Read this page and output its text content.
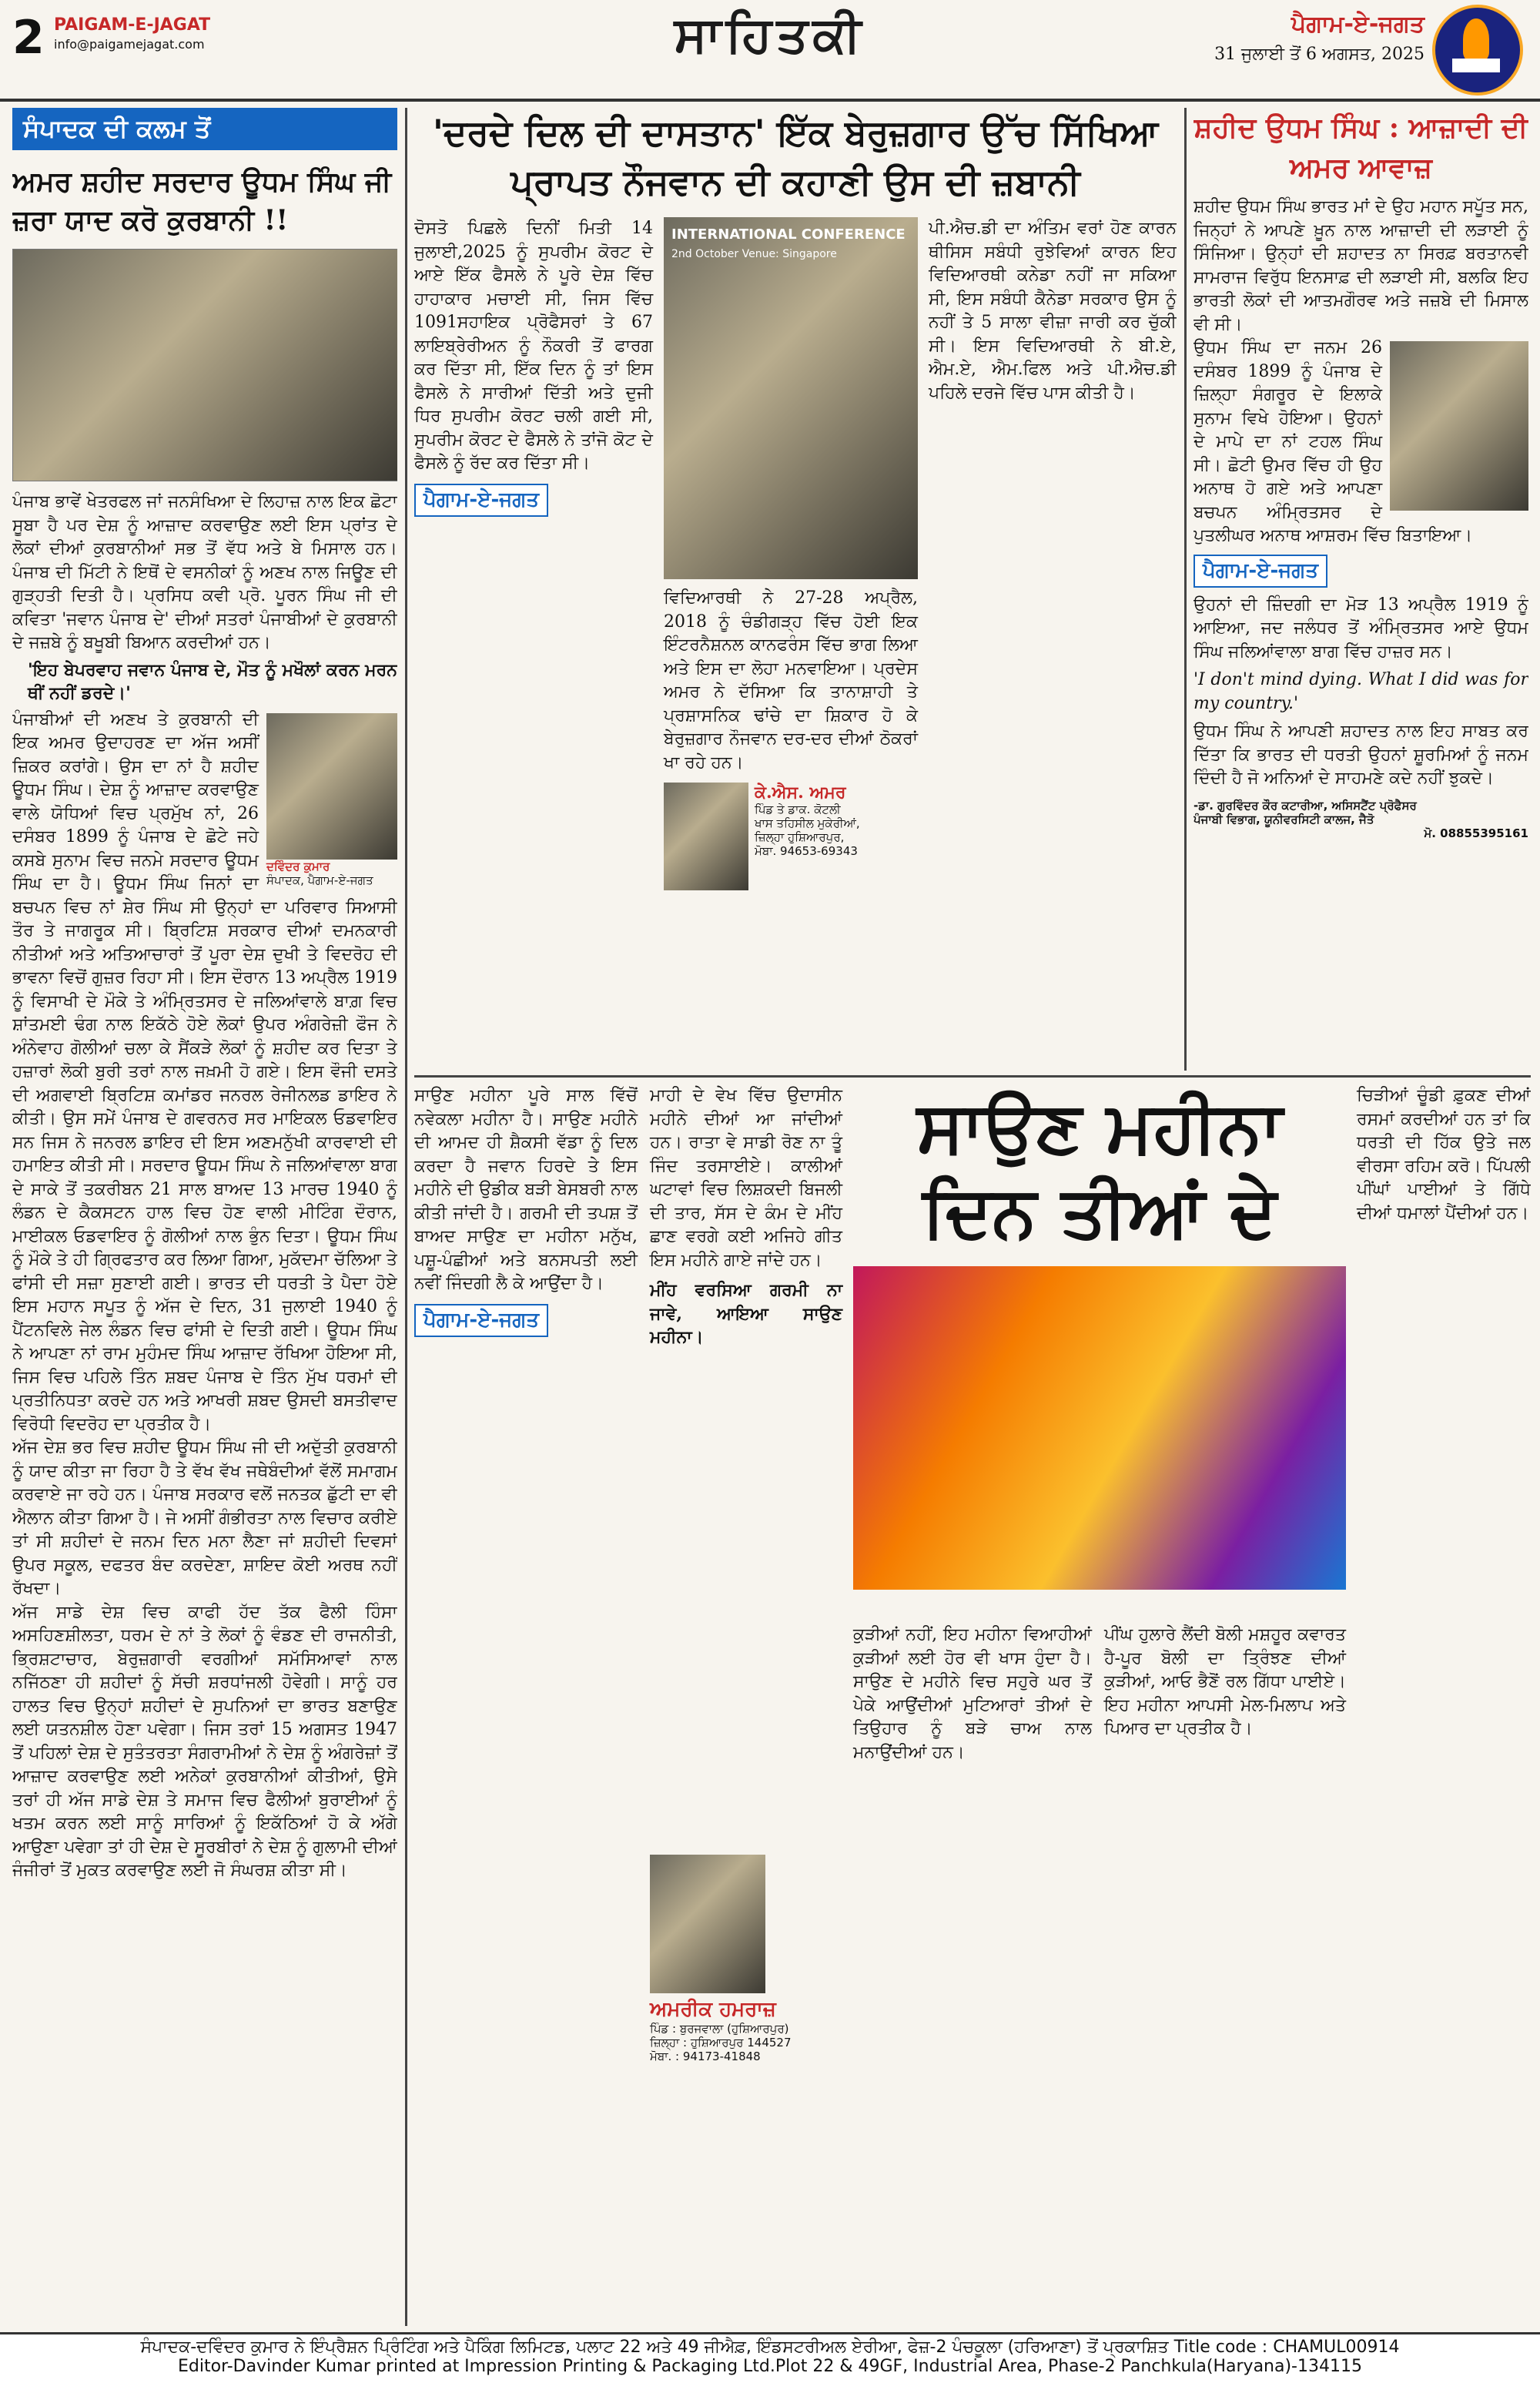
2 PAIGAM-E-JAGAT
info@paigamejagat.com	ਸਾਹਿਤਕੀ	ਪੈਗਾਮ-ਏ-ਜਗਤ
31 ਜੁਲਾਈ ਤੋਂ 6 ਅਗਸਤ, 2025
ਸੰਪਾਦਕ ਦੀ ਕਲਮ ਤੋਂ
ਅਮਰ ਸ਼ਹੀਦ ਸਰਦਾਰ ਊਧਮ ਸਿੰਘ ਜੀ ਜ਼ਰਾ ਯਾਦ ਕਰੋ ਕੁਰਬਾਨੀ !!
ਪੰਜਾਬ ਭਾਵੇਂ ਖੇਤਰਫਲ ਜਾਂ ਜਨਸੰਖਿਆ ਦੇ ਲਿਹਾਜ਼ ਨਾਲ ਇਕ ਛੋਟਾ ਸੂਬਾ ਹੈ ਪਰ ਦੇਸ਼ ਨੂੰ ਆਜ਼ਾਦ ਕਰਵਾਉਣ ਲਈ ਇਸ ਪ੍ਰਾਂਤ ਦੇ ਲੋਕਾਂ ਦੀਆਂ ਕੁਰਬਾਨੀਆਂ ਸਭ ਤੋਂ ਵੱਧ ਅਤੇ ਬੇ ਮਿਸਾਲ ਹਨ। ਪੰਜਾਬ ਦੀ ਮਿੱਟੀ ਨੇ ਇਥੋਂ ਦੇ ਵਸਨੀਕਾਂ ਨੂੰ ਅਣਖ ਨਾਲ ਜਿਊਣ ਦੀ ਗੁੜ੍ਹਤੀ ਦਿਤੀ ਹੈ। ਪ੍ਰਸਿਧ ਕਵੀ ਪ੍ਰੋ. ਪੂਰਨ ਸਿੰਘ ਜੀ ਦੀ ਕਵਿਤਾ 'ਜਵਾਨ ਪੰਜਾਬ ਦੇ' ਦੀਆਂ ਸਤਰਾਂ ਪੰਜਾਬੀਆਂ ਦੇ ਕੁਰਬਾਨੀ ਦੇ ਜਜ਼ਬੇ ਨੂੰ ਬਖੂਬੀ ਬਿਆਨ ਕਰਦੀਆਂ ਹਨ।
'ਇਹ ਬੇਪਰਵਾਹ ਜਵਾਨ ਪੰਜਾਬ ਦੇ, ਮੌਤ ਨੂੰ ਮਖੌਲਾਂ ਕਰਨ ਮਰਨ ਥੀਂ ਨਹੀਂ ਡਰਦੇ।'
ਦਵਿੰਦਰ ਕੁਮਾਰ
ਸੰਪਾਦਕ, ਪੈਗਾਮ-ਏ-ਜਗਤ
ਪੰਜਾਬੀਆਂ ਦੀ ਅਣਖ ਤੇ ਕੁਰਬਾਨੀ ਦੀ ਇਕ ਅਮਰ ਉਦਾਹਰਣ ਦਾ ਅੱਜ ਅਸੀਂ ਜ਼ਿਕਰ ਕਰਾਂਗੇ। ਉਸ ਦਾ ਨਾਂ ਹੈ ਸ਼ਹੀਦ ਊਧਮ ਸਿੰਘ। ਦੇਸ਼ ਨੂੰ ਆਜ਼ਾਦ ਕਰਵਾਉਣ ਵਾਲੇ ਯੋਧਿਆਂ ਵਿਚ ਪ੍ਰਮੁੱਖ ਨਾਂ, 26 ਦਸੰਬਰ 1899 ਨੂੰ ਪੰਜਾਬ ਦੇ ਛੋਟੇ ਜਹੇ ਕਸਬੇ ਸੁਨਾਮ ਵਿਚ ਜਨਮੇ ਸਰਦਾਰ ਊਧਮ ਸਿੰਘ ਦਾ ਹੈ। ਊਧਮ ਸਿੰਘ ਜਿਨਾਂ ਦਾ ਬਚਪਨ ਵਿਚ ਨਾਂ ਸ਼ੇਰ ਸਿੰਘ ਸੀ ਉਨ੍ਹਾਂ ਦਾ ਪਰਿਵਾਰ ਸਿਆਸੀ ਤੌਰ ਤੇ ਜਾਗਰੂਕ ਸੀ। ਬ੍ਰਿਟਿਸ਼ ਸਰਕਾਰ ਦੀਆਂ ਦਮਨਕਾਰੀ ਨੀਤੀਆਂ ਅਤੇ ਅਤਿਆਚਾਰਾਂ ਤੋਂ ਪੂਰਾ ਦੇਸ਼ ਦੁਖੀ ਤੇ ਵਿਦਰੋਹ ਦੀ ਭਾਵਨਾ ਵਿਚੋਂ ਗੁਜ਼ਰ ਰਿਹਾ ਸੀ। ਇਸ ਦੌਰਾਨ 13 ਅਪ੍ਰੈਲ 1919 ਨੂੰ ਵਿਸਾਖੀ ਦੇ ਮੌਕੇ ਤੇ ਅੰਮ੍ਰਿਤਸਰ ਦੇ ਜਲਿਆਂਵਾਲੇ ਬਾਗ਼ ਵਿਚ ਸ਼ਾਂਤਮਈ ਢੰਗ ਨਾਲ ਇਕੱਠੇ ਹੋਏ ਲੋਕਾਂ ਉਪਰ ਅੰਗਰੇਜ਼ੀ ਫੌਜ ਨੇ ਅੰਨੇਵਾਹ ਗੋਲੀਆਂ ਚਲਾ ਕੇ ਸੈਂਕੜੇ ਲੋਕਾਂ ਨੂੰ ਸ਼ਹੀਦ ਕਰ ਦਿਤਾ ਤੇ ਹਜ਼ਾਰਾਂ ਲੋਕੀ ਬੁਰੀ ਤਰਾਂ ਨਾਲ ਜਖ਼ਮੀ ਹੋ ਗਏ। ਇਸ ਵੌਜੀ ਦਸਤੇ ਦੀ ਅਗਵਾਈ ਬ੍ਰਿਟਿਸ਼ ਕਮਾਂਡਰ ਜਨਰਲ ਰੇਜੀਨਲਡ ਡਾਇਰ ਨੇ ਕੀਤੀ। ਉਸ ਸਮੇਂ ਪੰਜਾਬ ਦੇ ਗਵਰਨਰ ਸਰ ਮਾਇਕਲ ਓਡਵਾਇਰ ਸਨ ਜਿਸ ਨੇ ਜਨਰਲ ਡਾਇਰ ਦੀ ਇਸ ਅਣਮਨੁੱਖੀ ਕਾਰਵਾਈ ਦੀ ਹਮਾਇਤ ਕੀਤੀ ਸੀ। ਸਰਦਾਰ ਊਧਮ ਸਿੰਘ ਨੇ ਜਲਿਆਂਵਾਲਾ ਬਾਗ ਦੇ ਸਾਕੇ ਤੋਂ ਤਕਰੀਬਨ 21 ਸਾਲ ਬਾਅਦ 13 ਮਾਰਚ 1940 ਨੂੰ ਲੰਡਨ ਦੇ ਕੈਕਸਟਨ ਹਾਲ ਵਿਚ ਹੋਣ ਵਾਲੀ ਮੀਟਿੰਗ ਦੌਰਾਨ, ਮਾਈਕਲ ਓਡਵਾਇਰ ਨੂੰ ਗੋਲੀਆਂ ਨਾਲ ਭੁੰਨ ਦਿਤਾ। ਊਧਮ ਸਿੰਘ ਨੂੰ ਮੌਕੇ ਤੇ ਹੀ ਗ੍ਰਿਫਤਾਰ ਕਰ ਲਿਆ ਗਿਆ, ਮੁਕੱਦਮਾ ਚੱਲਿਆ ਤੇ ਫਾਂਸੀ ਦੀ ਸਜ਼ਾ ਸੁਣਾਈ ਗਈ। ਭਾਰਤ ਦੀ ਧਰਤੀ ਤੇ ਪੈਦਾ ਹੋਏ ਇਸ ਮਹਾਨ ਸਪੂਤ ਨੂੰ ਅੱਜ ਦੇ ਦਿਨ, 31 ਜੁਲਾਈ 1940 ਨੂੰ ਪੈਂਟਨਵਿਲੇ ਜੇਲ ਲੰਡਨ ਵਿਚ ਫਾਂਸੀ ਦੇ ਦਿਤੀ ਗਈ। ਊਧਮ ਸਿੰਘ ਨੇ ਆਪਣਾ ਨਾਂ ਰਾਮ ਮੁਹੰਮਦ ਸਿੰਘ ਆਜ਼ਾਦ ਰੱਖਿਆ ਹੋਇਆ ਸੀ, ਜਿਸ ਵਿਚ ਪਹਿਲੇ ਤਿੰਨ ਸ਼ਬਦ ਪੰਜਾਬ ਦੇ ਤਿੰਨ ਮੁੱਖ ਧਰਮਾਂ ਦੀ ਪ੍ਰਤੀਨਿਧਤਾ ਕਰਦੇ ਹਨ ਅਤੇ ਆਖਰੀ ਸ਼ਬਦ ਉਸਦੀ ਬਸਤੀਵਾਦ ਵਿਰੋਧੀ ਵਿਦਰੋਹ ਦਾ ਪ੍ਰਤੀਕ ਹੈ।
ਅੱਜ ਦੇਸ਼ ਭਰ ਵਿਚ ਸ਼ਹੀਦ ਊਧਮ ਸਿੰਘ ਜੀ ਦੀ ਅਦੁੱਤੀ ਕੁਰਬਾਨੀ ਨੂੰ ਯਾਦ ਕੀਤਾ ਜਾ ਰਿਹਾ ਹੈ ਤੇ ਵੱਖ ਵੱਖ ਜਥੇਬੰਦੀਆਂ ਵੱਲੋਂ ਸਮਾਗਮ ਕਰਵਾਏ ਜਾ ਰਹੇ ਹਨ। ਪੰਜਾਬ ਸਰਕਾਰ ਵਲੋਂ ਜਨਤਕ ਛੁੱਟੀ ਦਾ ਵੀ ਐਲਾਨ ਕੀਤਾ ਗਿਆ ਹੈ। ਜੇ ਅਸੀਂ ਗੰਭੀਰਤਾ ਨਾਲ ਵਿਚਾਰ ਕਰੀਏ ਤਾਂ ਸੀ ਸ਼ਹੀਦਾਂ ਦੇ ਜਨਮ ਦਿਨ ਮਨਾ ਲੈਣਾ ਜਾਂ ਸ਼ਹੀਦੀ ਦਿਵਸਾਂ ਉਪਰ ਸਕੂਲ, ਦਫਤਰ ਬੰਦ ਕਰਦੇਣਾ, ਸ਼ਾਇਦ ਕੋਈ ਅਰਥ ਨਹੀਂ ਰੱਖਦਾ।
ਅੱਜ ਸਾਡੇ ਦੇਸ਼ ਵਿਚ ਕਾਫੀ ਹੱਦ ਤੱਕ ਫੈਲੀ ਹਿੰਸਾ ਅਸਹਿਣਸ਼ੀਲਤਾ, ਧਰਮ ਦੇ ਨਾਂ ਤੇ ਲੋਕਾਂ ਨੂੰ ਵੰਡਣ ਦੀ ਰਾਜਨੀਤੀ, ਭ੍ਰਿਸ਼ਟਾਚਾਰ, ਬੇਰੁਜ਼ਗਾਰੀ ਵਰਗੀਆਂ ਸਮੱਸਿਆਵਾਂ ਨਾਲ ਨਜਿੱਠਣਾ ਹੀ ਸ਼ਹੀਦਾਂ ਨੂੰ ਸੱਚੀ ਸ਼ਰਧਾਂਜਲੀ ਹੋਵੇਗੀ। ਸਾਨੂੰ ਹਰ ਹਾਲਤ ਵਿਚ ਉਨ੍ਹਾਂ ਸ਼ਹੀਦਾਂ ਦੇ ਸੁਪਨਿਆਂ ਦਾ ਭਾਰਤ ਬਣਾਉਣ ਲਈ ਯਤਨਸ਼ੀਲ ਹੋਣਾ ਪਵੇਗਾ। ਜਿਸ ਤਰਾਂ 15 ਅਗਸਤ 1947 ਤੋਂ ਪਹਿਲਾਂ ਦੇਸ਼ ਦੇ ਸੁਤੰਤਰਤਾ ਸੰਗਰਾਮੀਆਂ ਨੇ ਦੇਸ਼ ਨੂੰ ਅੰਗਰੇਜ਼ਾਂ ਤੋਂ ਆਜ਼ਾਦ ਕਰਵਾਉਣ ਲਈ ਅਨੇਕਾਂ ਕੁਰਬਾਨੀਆਂ ਕੀਤੀਆਂ, ਉਸੇ ਤਰਾਂ ਹੀ ਅੱਜ ਸਾਡੇ ਦੇਸ਼ ਤੇ ਸਮਾਜ ਵਿਚ ਫੈਲੀਆਂ ਬੁਰਾਈਆਂ ਨੂੰ ਖਤਮ ਕਰਨ ਲਈ ਸਾਨੂੰ ਸਾਰਿਆਂ ਨੂੰ ਇਕੱਠਿਆਂ ਹੋ ਕੇ ਅੱਗੇ ਆਉਣਾ ਪਵੇਗਾ ਤਾਂ ਹੀ ਦੇਸ਼ ਦੇ ਸੂਰਬੀਰਾਂ ਨੇ ਦੇਸ਼ ਨੂੰ ਗੁਲਾਮੀ ਦੀਆਂ ਜੰਜੀਰਾਂ ਤੋਂ ਮੁਕਤ ਕਰਵਾਉਣ ਲਈ ਜੋ ਸੰਘਰਸ਼ ਕੀਤਾ ਸੀ।
'ਦਰਦੇ ਦਿਲ ਦੀ ਦਾਸਤਾਨ' ਇੱਕ ਬੇਰੁਜ਼ਗਾਰ ਉੱਚ ਸਿੱਖਿਆ ਪ੍ਰਾਪਤ ਨੌਜਵਾਨ ਦੀ ਕਹਾਣੀ ਉਸ ਦੀ ਜ਼ਬਾਨੀ
ਦੋਸਤੋ ਪਿਛਲੇ ਦਿਨੀਂ ਮਿਤੀ 14 ਜੁਲਾਈ,2025 ਨੂੰ ਸੁਪਰੀਮ ਕੋਰਟ ਦੇ ਆਏ ਇੱਕ ਫੈਸਲੇ ਨੇ ਪੂਰੇ ਦੇਸ਼ ਵਿੱਚ ਹਾਹਾਕਾਰ ਮਚਾਈ ਸੀ, ਜਿਸ ਵਿੱਚ 1091ਸਹਾਇਕ ਪ੍ਰੋਫੈਸਰਾਂ ਤੇ 67 ਲਾਇਬ੍ਰੇਰੀਅਨ ਨੂੰ ਨੌਕਰੀ ਤੋਂ ਫਾਰਗ ਕਰ ਦਿੱਤਾ ਸੀ, ਇੱਕ ਦਿਨ ਨੂੰ ਤਾਂ ਇਸ ਫੈਸਲੇ ਨੇ ਸਾਰੀਆਂ ਦਿੱਤੀ ਅਤੇ ਦੁਜੀ ਧਿਰ ਸੁਪਰੀਮ ਕੋਰਟ ਚਲੀ ਗਈ ਸੀ, ਸੁਪਰੀਮ ਕੋਰਟ ਦੇ ਫੈਸਲੇ ਨੇ ਤਾਂਜੋ ਕੋਟ ਦੇ ਫੈਸਲੇ ਨੂੰ ਰੱਦ ਕਰ ਦਿੱਤਾ ਸੀ।
ਪੈਗਾਮ-ਏ-ਜਗਤ
INTERNATIONAL CONFERENCE
2nd October Venue: Singapore
ਵਿਦਿਆਰਥੀ ਨੇ 27-28 ਅਪ੍ਰੈਲ, 2018 ਨੂੰ ਚੰਡੀਗੜ੍ਹ ਵਿੱਚ ਹੋਈ ਇਕ ਇੰਟਰਨੈਸ਼ਨਲ ਕਾਨਫਰੰਸ ਵਿੱਚ ਭਾਗ ਲਿਆ ਅਤੇ ਇਸ ਦਾ ਲੋਹਾ ਮਨਵਾਇਆ। ਪ੍ਰਦੇਸ ਅਮਰ ਨੇ ਦੱਸਿਆ ਕਿ ਤਾਨਾਸ਼ਾਹੀ ਤੇ ਪ੍ਰਸ਼ਾਸਨਿਕ ਢਾਂਚੇ ਦਾ ਸ਼ਿਕਾਰ ਹੋ ਕੇ ਬੇਰੁਜ਼ਗਾਰ ਨੌਜਵਾਨ ਦਰ-ਦਰ ਦੀਆਂ ਠੋਕਰਾਂ ਖਾ ਰਹੇ ਹਨ।
ਕੇ.ਐਸ. ਅਮਰ
ਪਿੰਡ ਤੇ ਡਾਕ. ਕੋਟਲੀ
ਖਾਸ ਤਹਿਸੀਲ ਮੁਕੇਰੀਆਂ,
ਜ਼ਿਲ੍ਹਾ ਹੁਸ਼ਿਆਰਪੁਰ,
ਮੋਬਾ. 94653-69343
ਪੀ.ਐਚ.ਡੀ ਦਾ ਅੰਤਿਮ ਵਰਾਂ ਹੋਣ ਕਾਰਨ ਥੀਸਿਸ ਸਬੰਧੀ ਰੁਝੇਵਿਆਂ ਕਾਰਨ ਇਹ ਵਿਦਿਆਰਥੀ ਕਨੇਡਾ ਨਹੀਂ ਜਾ ਸਕਿਆ ਸੀ, ਇਸ ਸਬੰਧੀ ਕੈਨੇਡਾ ਸਰਕਾਰ ਉਸ ਨੂੰ ਨਹੀਂ ਤੇ 5 ਸਾਲਾ ਵੀਜ਼ਾ ਜਾਰੀ ਕਰ ਚੁੱਕੀ ਸੀ। ਇਸ ਵਿਦਿਆਰਥੀ ਨੇ ਬੀ.ਏ, ਐਮ.ਏ, ਐਮ.ਫਿਲ ਅਤੇ ਪੀ.ਐਚ.ਡੀ ਪਹਿਲੇ ਦਰਜੇ ਵਿੱਚ ਪਾਸ ਕੀਤੀ ਹੈ।
ਸ਼ਹੀਦ ਉਧਮ ਸਿੰਘ : ਆਜ਼ਾਦੀ ਦੀ ਅਮਰ ਆਵਾਜ਼
ਸ਼ਹੀਦ ਉਧਮ ਸਿੰਘ ਭਾਰਤ ਮਾਂ ਦੇ ਉਹ ਮਹਾਨ ਸਪੂੱਤ ਸਨ, ਜਿਨ੍ਹਾਂ ਨੇ ਆਪਣੇ ਖ਼ੂਨ ਨਾਲ ਆਜ਼ਾਦੀ ਦੀ ਲੜਾਈ ਨੂੰ ਸਿੰਜਿਆ। ਉਨ੍ਹਾਂ ਦੀ ਸ਼ਹਾਦਤ ਨਾ ਸਿਰਫ਼ ਬਰਤਾਨਵੀ ਸਾਮਰਾਜ ਵਿਰੁੱਧ ਇਨਸਾਫ਼ ਦੀ ਲੜਾਈ ਸੀ, ਬਲਕਿ ਇਹ ਭਾਰਤੀ ਲੋਕਾਂ ਦੀ ਆਤਮਗੌਰਵ ਅਤੇ ਜਜ਼ਬੇ ਦੀ ਮਿਸਾਲ ਵੀ ਸੀ।
ਉਧਮ ਸਿੰਘ ਦਾ ਜਨਮ 26 ਦਸੰਬਰ 1899 ਨੂੰ ਪੰਜਾਬ ਦੇ ਜ਼ਿਲ੍ਹਾ ਸੰਗਰੂਰ ਦੇ ਇਲਾਕੇ ਸੁਨਾਮ ਵਿਖੇ ਹੋਇਆ। ਉਹਨਾਂ ਦੇ ਮਾਪੇ ਦਾ ਨਾਂ ਟਹਲ ਸਿੰਘ ਸੀ। ਛੋਟੀ ਉਮਰ ਵਿੱਚ ਹੀ ਉਹ ਅਨਾਥ ਹੋ ਗਏ ਅਤੇ ਆਪਣਾ ਬਚਪਨ ਅੰਮ੍ਰਿਤਸਰ ਦੇ ਪੁਤਲੀਘਰ ਅਨਾਥ ਆਸ਼ਰਮ ਵਿੱਚ ਬਿਤਾਇਆ।
ਪੈਗਾਮ-ਏ-ਜਗਤ
ਉਹਨਾਂ ਦੀ ਜ਼ਿੰਦਗੀ ਦਾ ਮੋੜ 13 ਅਪ੍ਰੈਲ 1919 ਨੂੰ ਆਇਆ, ਜਦ ਜਲੰਧਰ ਤੋਂ ਅੰਮ੍ਰਿਤਸਰ ਆਏ ਉਧਮ ਸਿੰਘ ਜਲਿਆਂਵਾਲਾ ਬਾਗ ਵਿੱਚ ਹਾਜ਼ਰ ਸਨ।
'I don't mind dying. What I did was for my country.'
ਉਧਮ ਸਿੰਘ ਨੇ ਆਪਣੀ ਸ਼ਹਾਦਤ ਨਾਲ ਇਹ ਸਾਬਤ ਕਰ ਦਿੱਤਾ ਕਿ ਭਾਰਤ ਦੀ ਧਰਤੀ ਉਹਨਾਂ ਸ਼ੂਰਮਿਆਂ ਨੂੰ ਜਨਮ ਦਿੰਦੀ ਹੈ ਜੋ ਅਨਿਆਂ ਦੇ ਸਾਹਮਣੇ ਕਦੇ ਨਹੀਂ ਝੁਕਦੇ।
-ਡਾ. ਗੁਰਵਿੰਦਰ ਕੌਰ ਕਟਾਰੀਆ, ਅਸਿਸਟੈਂਟ ਪ੍ਰੋਫੈਸਰ
ਪੰਜਾਬੀ ਵਿਭਾਗ, ਯੂਨੀਵਰਸਿਟੀ ਕਾਲਜ, ਜੈਤੋ
ਮੋ. 08855395161
ਸਾਉਣ ਮਹੀਨਾ ਪੂਰੇ ਸਾਲ ਵਿੱਚੋਂ ਨਵੇਕਲਾ ਮਹੀਨਾ ਹੈ। ਸਾਉਣ ਮਹੀਨੇ ਦੀ ਆਮਦ ਹੀ ਸ਼ੈਕਸੀ ਵੱਡਾ ਨੂੰ ਦਿਲ ਕਰਦਾ ਹੈ ਜਵਾਨ ਹਿਰਦੇ ਤੇ ਇਸ ਮਹੀਨੇ ਦੀ ਉਡੀਕ ਬੜੀ ਬੇਸਬਰੀ ਨਾਲ ਕੀਤੀ ਜਾਂਦੀ ਹੈ। ਗਰਮੀ ਦੀ ਤਪਸ਼ ਤੋਂ ਬਾਅਦ ਸਾਉਣ ਦਾ ਮਹੀਨਾ ਮਨੁੱਖ, ਪਸ਼ੂ-ਪੰਛੀਆਂ ਅਤੇ ਬਨਸਪਤੀ ਲਈ ਨਵੀਂ ਜਿੰਦਗੀ ਲੈ ਕੇ ਆਉਂਦਾ ਹੈ।
ਪੈਗਾਮ-ਏ-ਜਗਤ
ਮਾਹੀ ਦੇ ਵੇਖ ਵਿੱਚ ਉਦਾਸੀਨ ਮਹੀਨੇ ਦੀਆਂ ਆ ਜਾਂਦੀਆਂ ਹਨ। ਰਾਤਾ ਵੇ ਸਾਡੀ ਰੋਣ ਨਾ ਤੂੰ ਜਿੰਦ ਤਰਸਾਈਏ। ਕਾਲੀਆਂ ਘਟਾਵਾਂ ਵਿਚ ਲਿਸ਼ਕਦੀ ਬਿਜਲੀ ਦੀ ਤਾਰ, ਸੱਸ ਦੇ ਕੰਮ ਦੇ ਮੀਂਹ ਛਾਣ ਵਰਗੇ ਕਈ ਅਜਿਹੇ ਗੀਤ ਇਸ ਮਹੀਨੇ ਗਾਏ ਜਾਂਦੇ ਹਨ।
ਮੀਂਹ ਵਰਸਿਆ ਗਰਮੀ ਨਾ ਜਾਵੇ, ਆਇਆ ਸਾਉਣ ਮਹੀਨਾ।
ਸਾਉਣ ਮਹੀਨਾ
ਦਿਨ ਤੀਆਂ ਦੇ
ਚਿੜੀਆਂ ਚੂੰਡੀ ਫ਼ੁਕਣ ਦੀਆਂ ਰਸਮਾਂ ਕਰਦੀਆਂ ਹਨ ਤਾਂ ਕਿ ਧਰਤੀ ਦੀ ਹਿੱਕ ਉਤੇ ਜਲ ਵੀਰਸਾ ਰਹਿਮ ਕਰੋ। ਪਿੱਪਲੀ ਪੀਂਘਾਂ ਪਾਈਆਂ ਤੇ ਗਿੱਧੇ ਦੀਆਂ ਧਮਾਲਾਂ ਪੈਂਦੀਆਂ ਹਨ।
ਅਮਰੀਕ ਹਮਰਾਜ਼
ਪਿੰਡ : ਬੁਰਜਵਾਲਾ (ਹੁਸ਼ਿਆਰਪੁਰ)
ਜ਼ਿਲ੍ਹਾ : ਹੁਸ਼ਿਆਰਪੁਰ 144527
ਮੋਬਾ. : 94173-41848
ਕੁੜੀਆਂ ਨਹੀਂ, ਇਹ ਮਹੀਨਾ ਵਿਆਹੀਆਂ ਕੁੜੀਆਂ ਲਈ ਹੋਰ ਵੀ ਖਾਸ ਹੁੰਦਾ ਹੈ। ਸਾਉਣ ਦੇ ਮਹੀਨੇ ਵਿਚ ਸਹੁਰੇ ਘਰ ਤੋਂ ਪੇਕੇ ਆਉਂਦੀਆਂ ਮੁਟਿਆਰਾਂ ਤੀਆਂ ਦੇ ਤਿਉਹਾਰ ਨੂੰ ਬੜੇ ਚਾਅ ਨਾਲ ਮਨਾਉਂਦੀਆਂ ਹਨ।
ਪੀਂਘ ਹੁਲਾਰੇ ਲੈਂਦੀ ਬੋਲੀ ਮਸ਼ਹੂਰ ਕਵਾਰਤ ਹੈ-ਪੂਰ ਬੋਲੀ ਦਾ ਤ੍ਰਿੰਝਣ ਦੀਆਂ ਕੁੜੀਆਂ, ਆਓ ਭੈਣੋਂ ਰਲ ਗਿੱਧਾ ਪਾਈਏ। ਇਹ ਮਹੀਨਾ ਆਪਸੀ ਮੇਲ-ਮਿਲਾਪ ਅਤੇ ਪਿਆਰ ਦਾ ਪ੍ਰਤੀਕ ਹੈ।
ਸੰਪਾਦਕ-ਦਵਿੰਦਰ ਕੁਮਾਰ ਨੇ ਇੰਪ੍ਰੈਸ਼ਨ ਪ੍ਰਿੰਟਿੰਗ ਅਤੇ ਪੈਕਿੰਗ ਲਿਮਿਟਡ, ਪਲਾਟ 22 ਅਤੇ 49 ਜੀਐਫ਼, ਇੰਡਸਟਰੀਅਲ ਏਰੀਆ, ਫੇਜ਼-2 ਪੰਚਕੂਲਾ (ਹਰਿਆਣਾ) ਤੋਂ ਪ੍ਰਕਾਸ਼ਿਤ Title code : CHAMUL00914
Editor-Davinder Kumar printed at Impression Printing & Packaging Ltd.Plot 22 & 49GF, Industrial Area, Phase-2 Panchkula(Haryana)-134115
